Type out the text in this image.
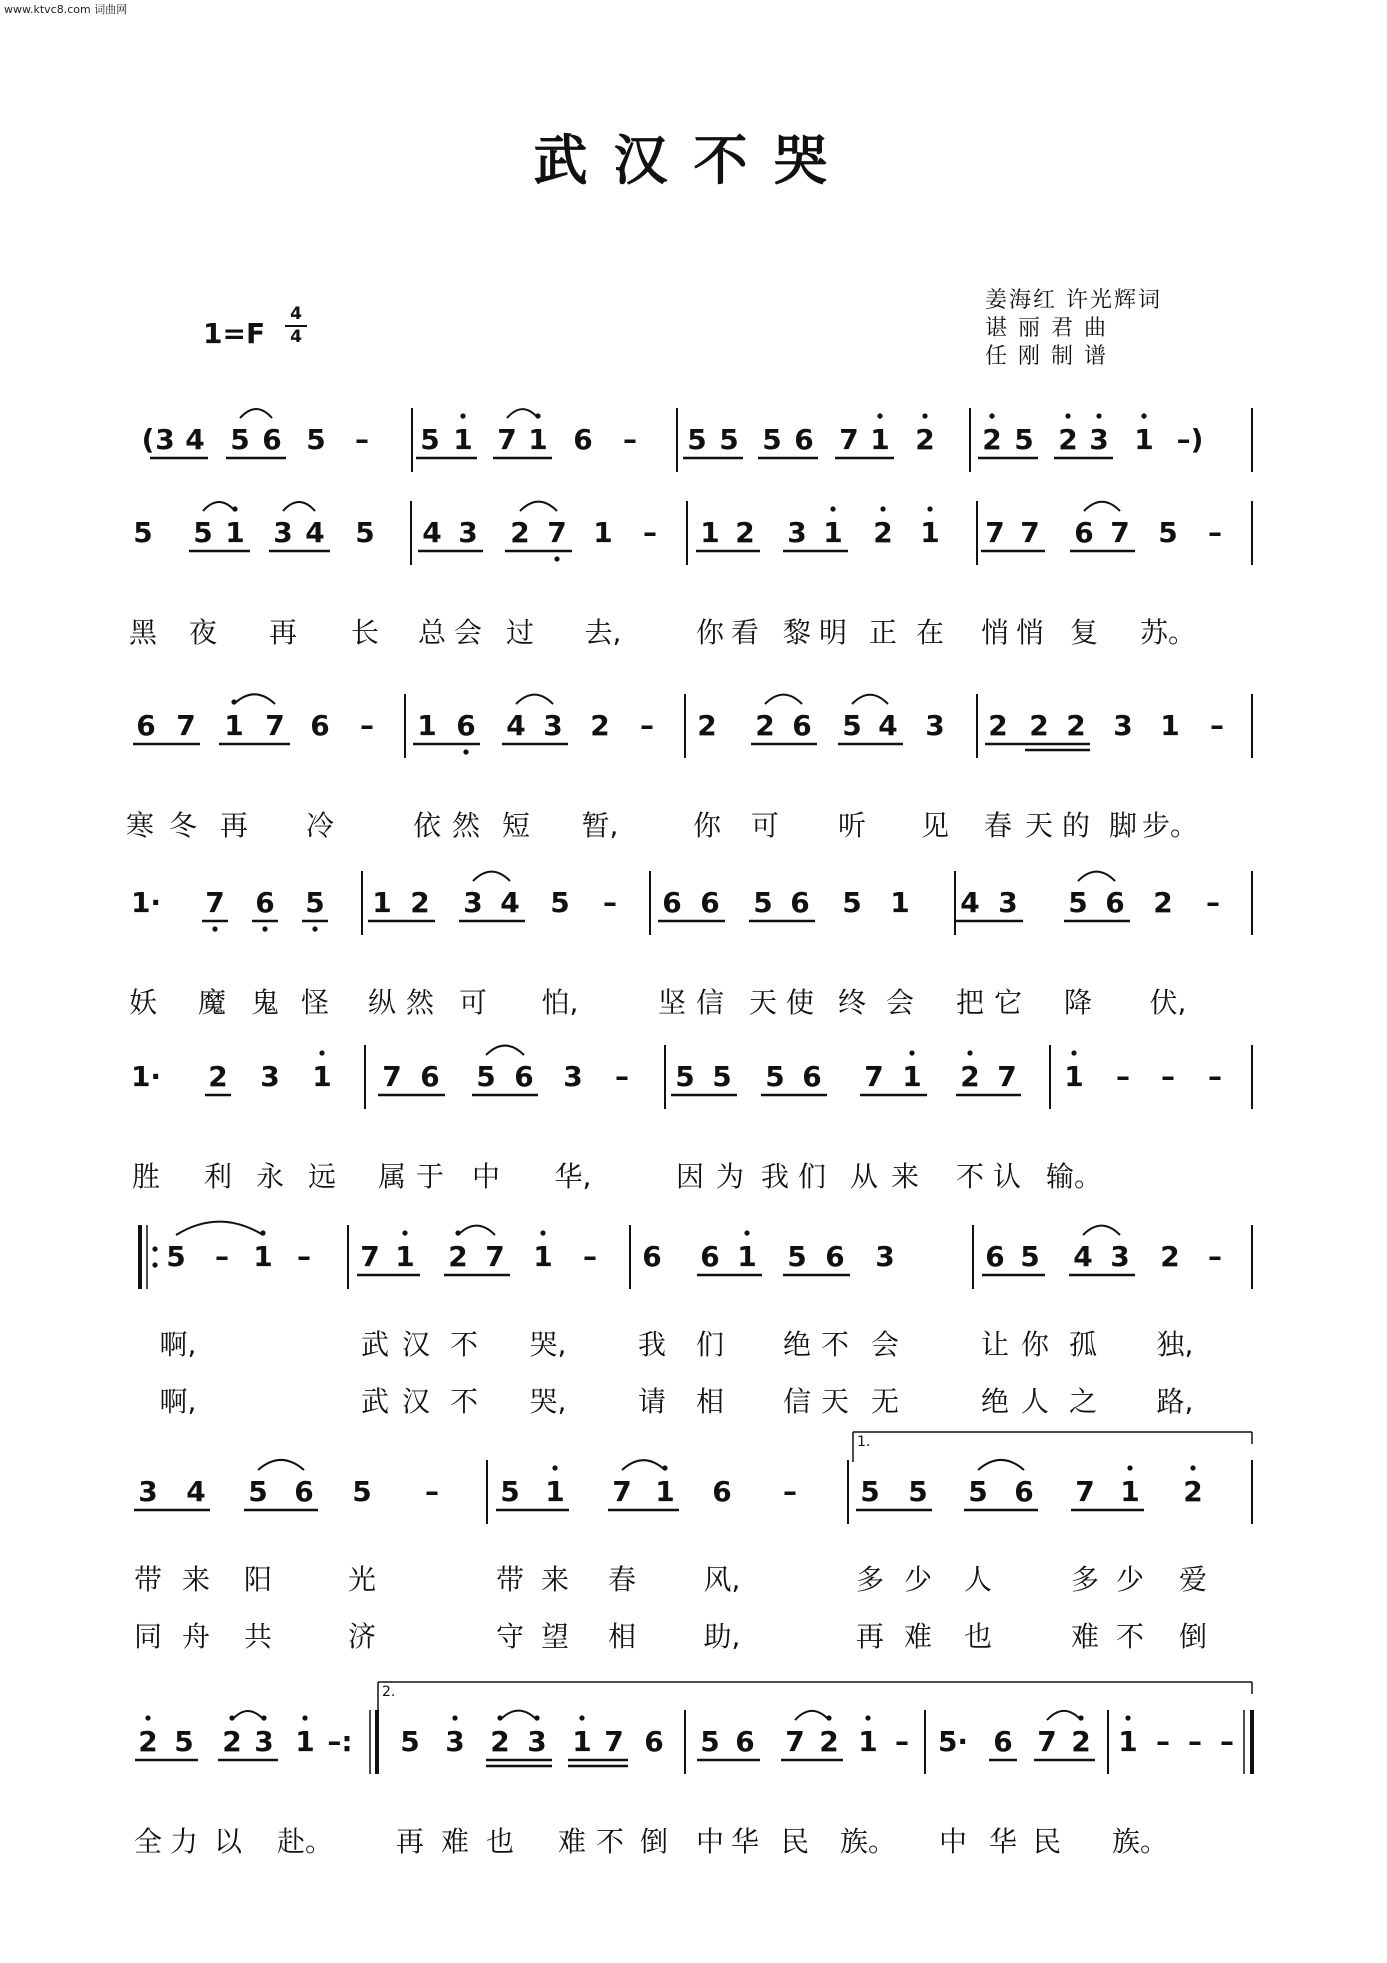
www.ktvc8.com 词曲网
武汉不哭
1=F
4
4
姜海红 许光辉词
谌 丽 君 曲
任 刚 制 谱
( 3 4 5 6 5 – 5 1 7 1 6 – 5 5 5 6 7 1 2 2 5 2 3 1 –)
5 5 1 3 4 5 4 3 2 7 1 – 1 2 3 1 2 1 7 7 6 7 5 –
黑 夜 再 长 总 会 过 去,	你 看 黎 明 正 在 悄 悄 复 苏。
6 7 1 7 6 – 1 6 4 3 2 – 2 2 6 5 4 3 2 2 2 3 1 –
寒 冬 再 冷	依 然 短 暂,	你 可 听 见 春 天 的 脚 步。
1· 7 6 5 1 2 3 4 5 – 6 6 5 6 5 1 4 3 5 6 2 –
妖 魔 鬼 怪 纵 然 可 怕,	坚 信 天 使 终 会 把 它 降 伏,
1· 2 3 1 7 6 5 6 3 – 5 5 5 6 7 1 2 7 1 – – –
胜 利 永 远 属 于 中 华,	因 为 我 们 从 来 不 认 输。
5 – 1 – 7 1 2 7 1 – 6 6 1 5 6 3	6 5 4 3 2 –
啊,	武 汉 不 哭,	我 们 绝 不 会	让 你 孤 独,
啊,	武 汉 不 哭,	请 相 信 天 无	绝 人 之 路,
3 4 5 6 5 – 5 1 7 1 6 – 5 5 5 6 7 1 2
1.
带 来 阳	光	带 来 春 风,	多 少 人	多 少 爱
同 舟 共	济	守 望 相 助,	再 难 也	难 不 倒
2 5 2 3 1 –: 5 3 2 3 1 7 6 5 6 7 2 1 – 5· 6 7 2 1 – – –
2.
全 力 以 赴。 再 难 也 难 不 倒 中 华 民 族。 中 华 民 族。
